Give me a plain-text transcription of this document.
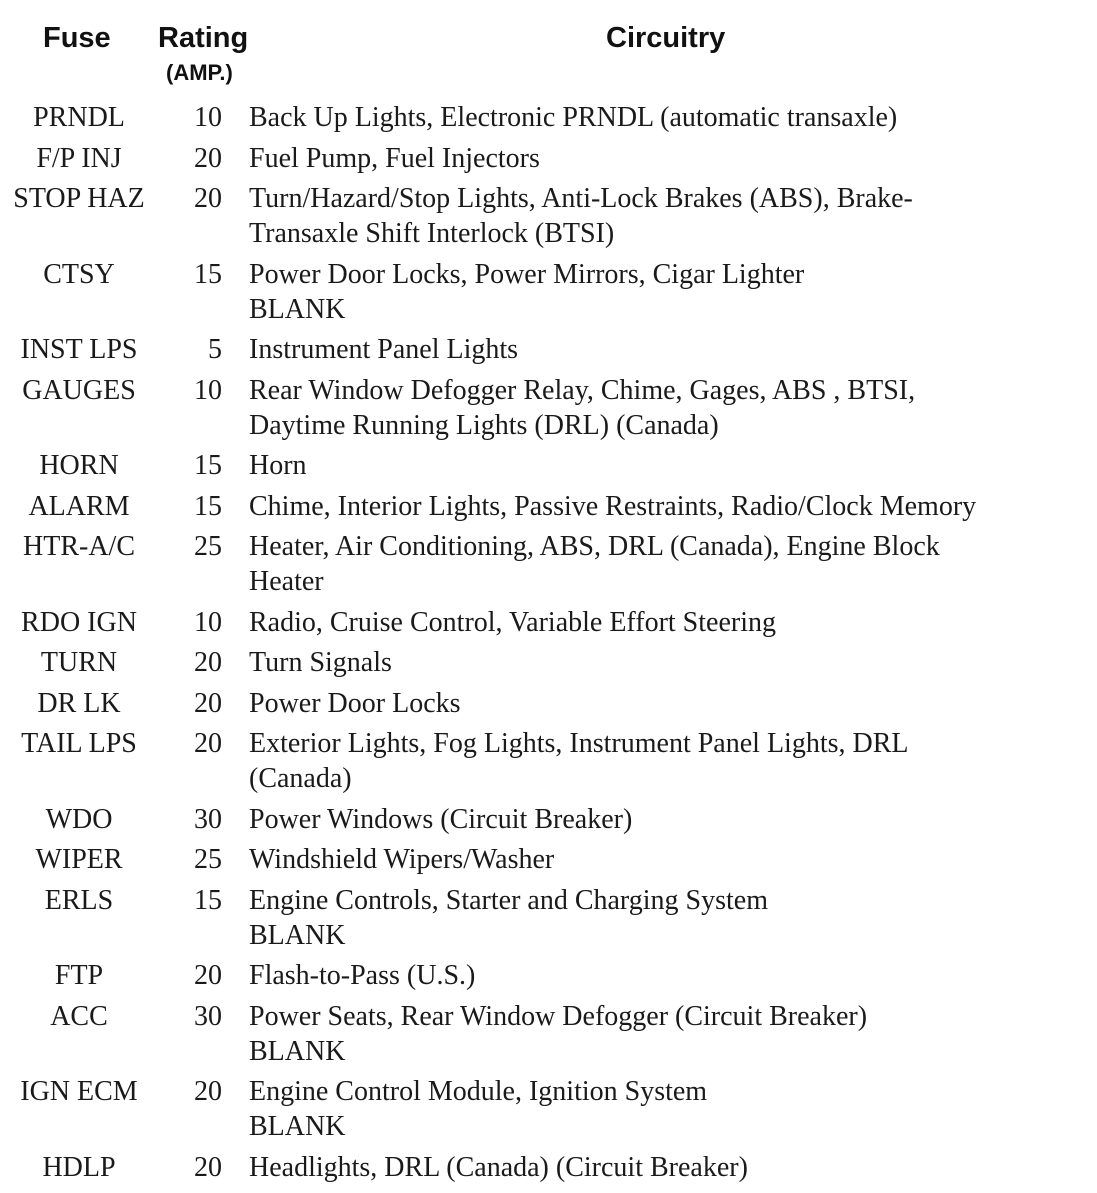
Fuse Rating
(AMP.)
Circuitry
PRNDL	10 Back Up Lights, Electronic PRNDL (automatic transaxle)
F/P INJ	20 Fuel Pump, Fuel Injectors
STOP HAZ	20 Turn/Hazard/Stop Lights, Anti-Lock Brakes (ABS), Brake-
Transaxle Shift Interlock (BTSI)
CTSY	15 Power Door Locks, Power Mirrors, Cigar Lighter
BLANK
INST LPS	5 Instrument Panel Lights
GAUGES	10 Rear Window Defogger Relay, Chime, Gages, ABS , BTSI,
Daytime Running Lights (DRL) (Canada)
HORN	15 Horn
ALARM	15 Chime, Interior Lights, Passive Restraints, Radio/Clock Memory
HTR-A/C	25 Heater, Air Conditioning, ABS, DRL (Canada), Engine Block
Heater
RDO IGN	10 Radio, Cruise Control, Variable Effort Steering
TURN	20 Turn Signals
DR LK	20 Power Door Locks
TAIL LPS	20 Exterior Lights, Fog Lights, Instrument Panel Lights, DRL
(Canada)
WDO	30 Power Windows (Circuit Breaker)
WIPER	25 Windshield Wipers/Washer
ERLS	15 Engine Controls, Starter and Charging System
BLANK
FTP	20 Flash-to-Pass (U.S.)
ACC	30 Power Seats, Rear Window Defogger (Circuit Breaker)
BLANK
IGN ECM	20 Engine Control Module, Ignition System
BLANK
HDLP	20 Headlights, DRL (Canada) (Circuit Breaker)
